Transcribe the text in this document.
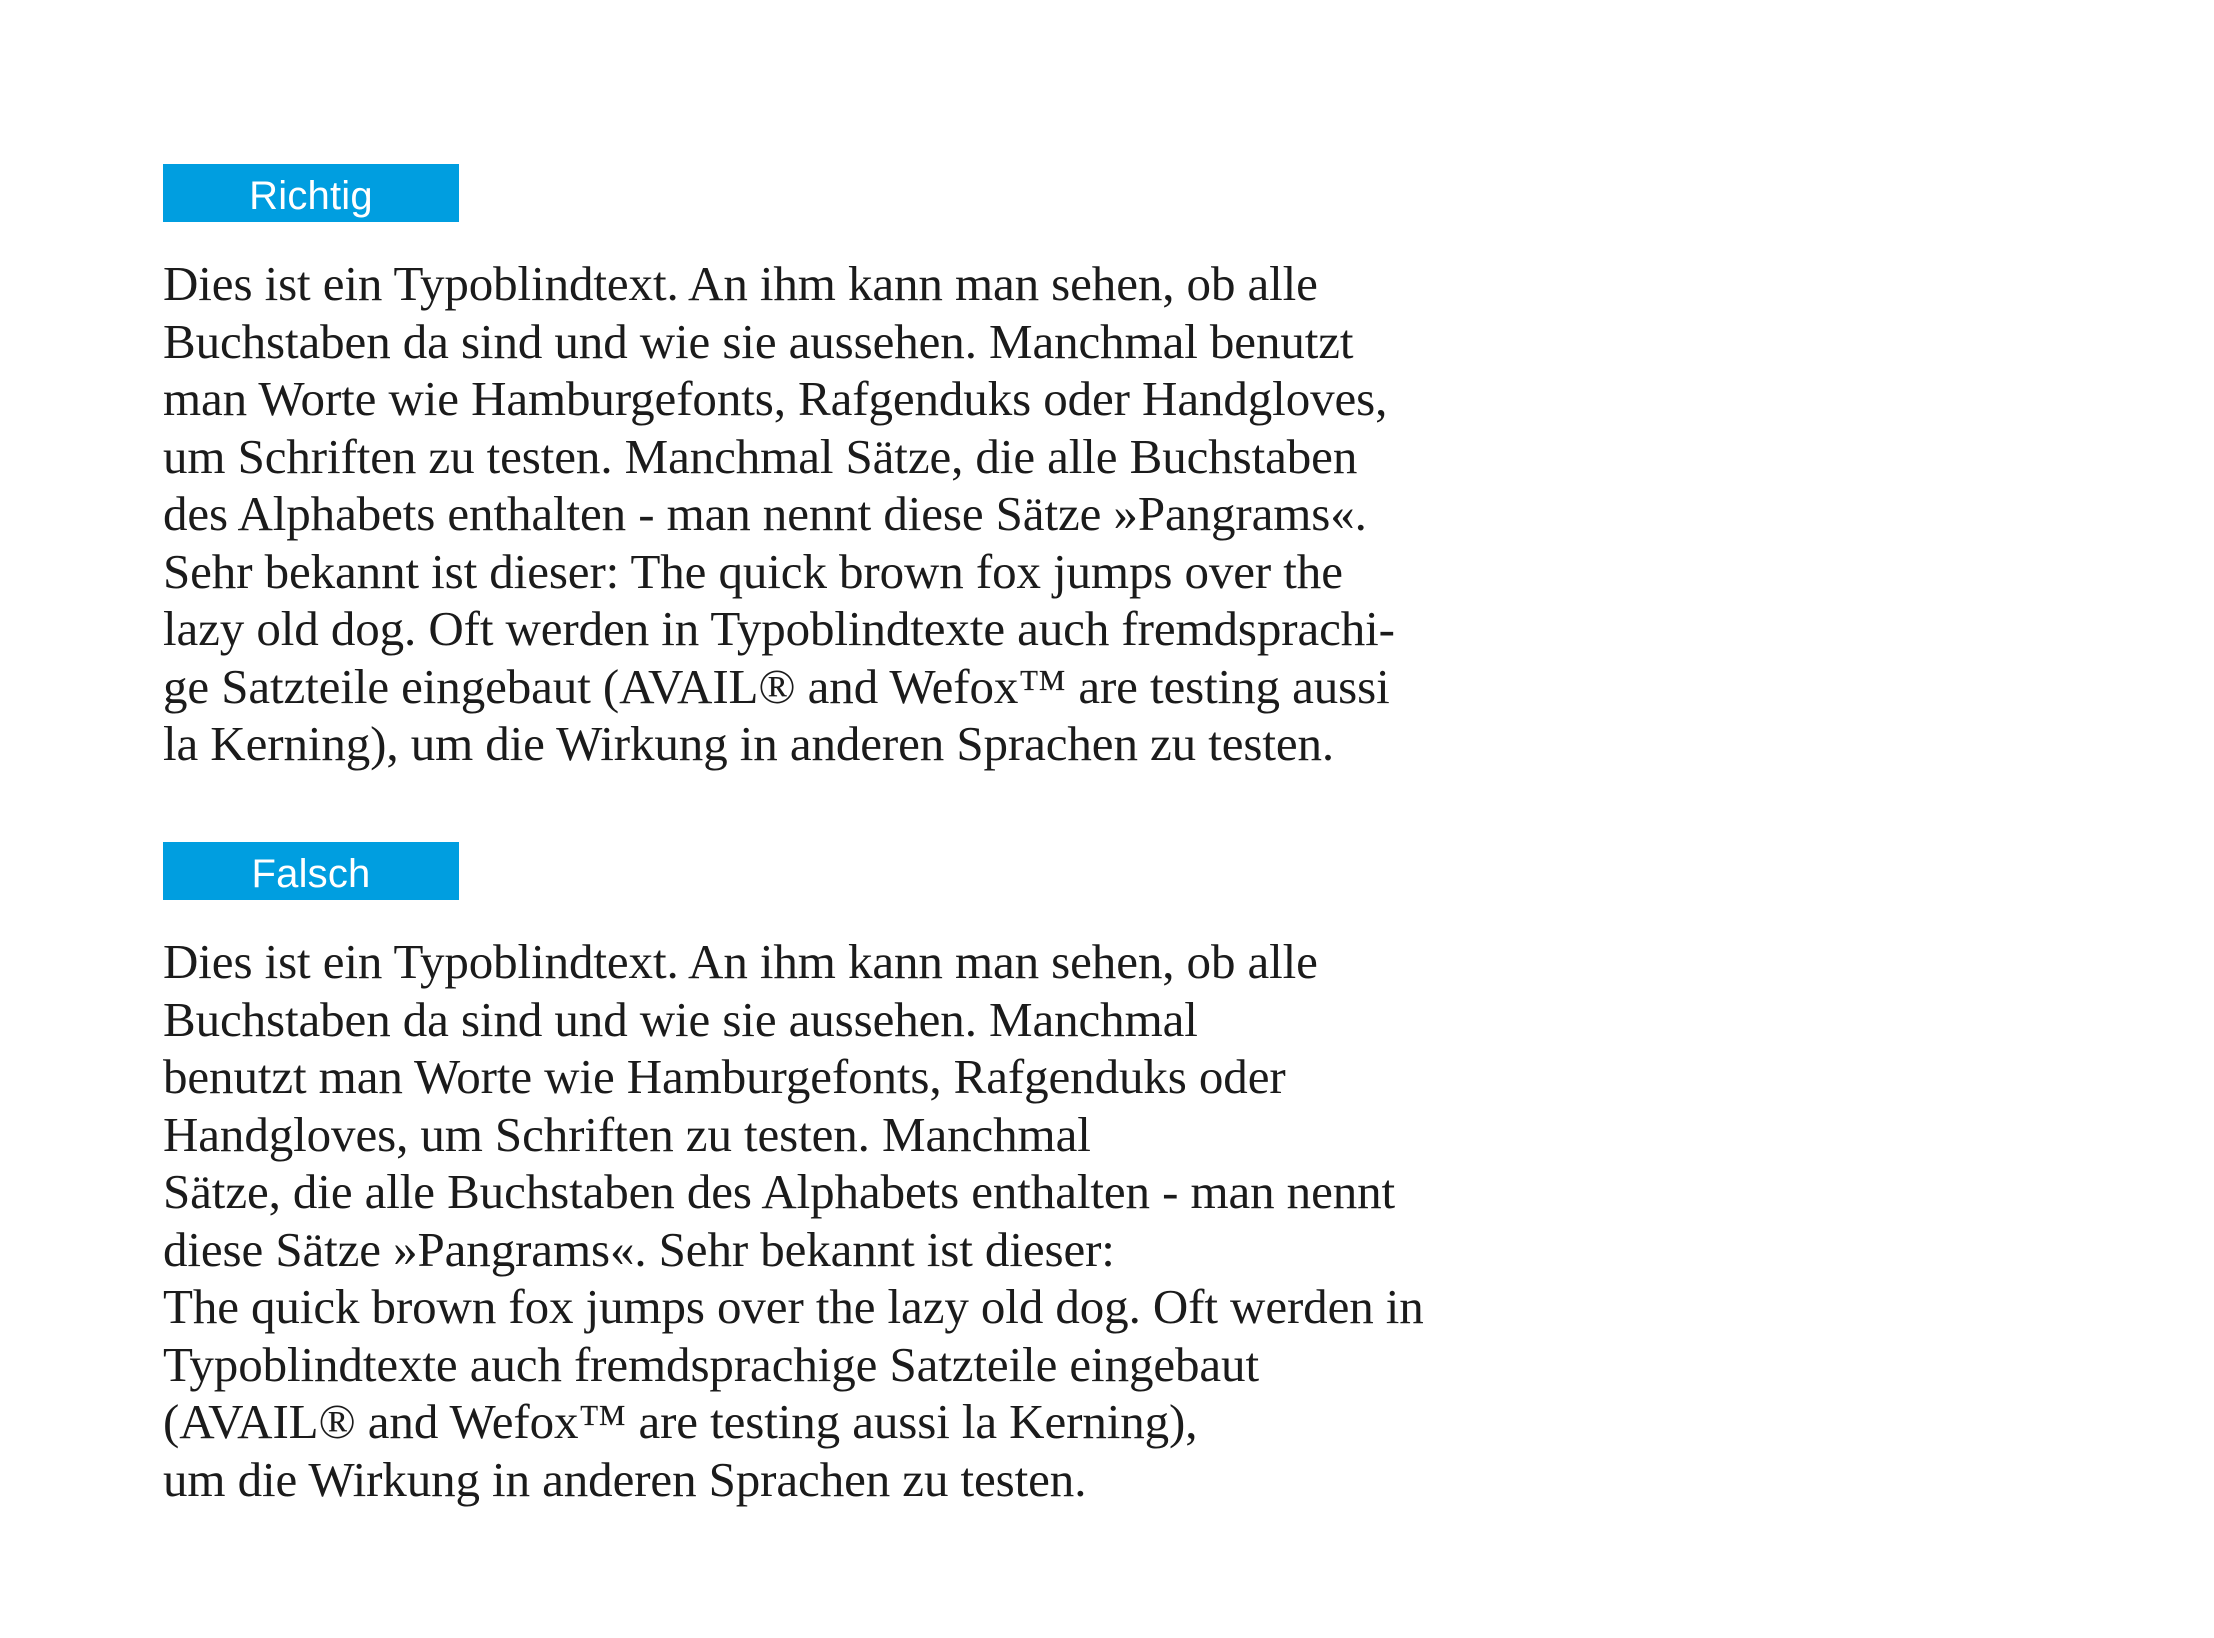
Richtig

Dies ist ein Typoblindtext. An ihm kann man sehen, ob alle
Buchstaben da sind und wie sie aussehen. Manchmal benutzt
man Worte wie Hamburgefonts, Rafgenduks oder Handgloves,
um Schriften zu testen. Manchmal Sätze, die alle Buchstaben
des Alphabets enthalten - man nennt diese Sätze »Pangrams«.
Sehr bekannt ist dieser: The quick brown fox jumps over the
lazy old dog. Oft werden in Typoblindtexte auch fremdsprachi-
ge Satzteile eingebaut (AVAIL® and Wefox™ are testing aussi
la Kerning), um die Wirkung in anderen Sprachen zu testen.

Falsch

Dies ist ein Typoblindtext. An ihm kann man sehen, ob alle
Buchstaben da sind und wie sie aussehen. Manchmal
benutzt man Worte wie Hamburgefonts, Rafgenduks oder
Handgloves, um Schriften zu testen. Manchmal
Sätze, die alle Buchstaben des Alphabets enthalten - man nennt
diese Sätze »Pangrams«. Sehr bekannt ist dieser:
The quick brown fox jumps over the lazy old dog. Oft werden in
Typoblindtexte auch fremdsprachige Satzteile eingebaut
(AVAIL® and Wefox™ are testing aussi la Kerning),
um die Wirkung in anderen Sprachen zu testen.
